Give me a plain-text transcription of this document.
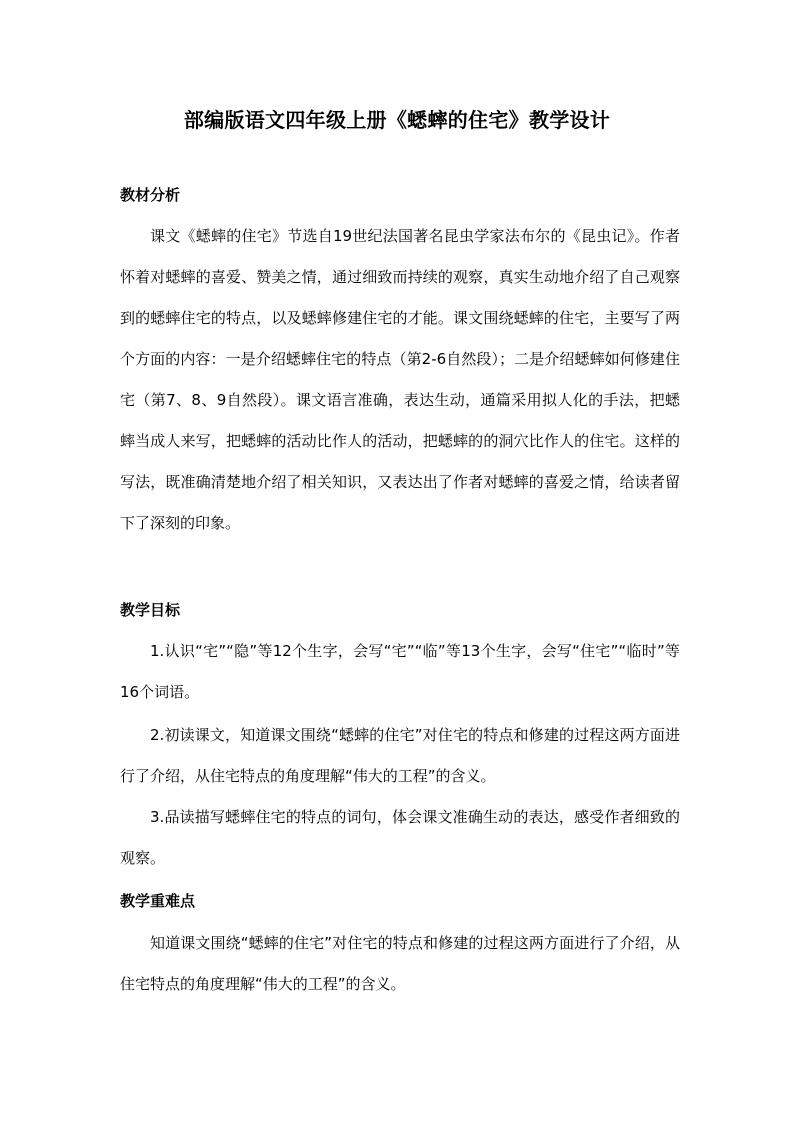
部编版语文四年级上册《蟋蟀的住宅》教学设计
教材分析

课文《蟋蟀的住宅》节选自19世纪法国著名昆虫学家法布尔的《昆虫记》。作者怀着对蟋蟀的喜爱、赞美之情，通过细致而持续的观察，真实生动地介绍了自己观察到的蟋蟀住宅的特点，以及蟋蟀修建住宅的才能。课文围绕蟋蟀的住宅，主要写了两个方面的内容：一是介绍蟋蟀住宅的特点（第2-6自然段）；二是介绍蟋蟀如何修建住宅（第7、8、9自然段）。课文语言准确，表达生动，通篇采用拟人化的手法，把蟋蟀当成人来写，把蟋蟀的活动比作人的活动，把蟋蟀的的洞穴比作人的住宅。这样的写法，既准确清楚地介绍了相关知识，又表达出了作者对蟋蟀的喜爱之情，给读者留下了深刻的印象。

教学目标

1.认识“宅”“隐”等12个生字，会写“宅”“临”等13个生字，会写“住宅”“临时”等16个词语。

2.初读课文，知道课文围绕“蟋蟀的住宅”对住宅的特点和修建的过程这两方面进行了介绍，从住宅特点的角度理解“伟大的工程”的含义。

3.品读描写蟋蟀住宅的特点的词句，体会课文准确生动的表达，感受作者细致的观察。

教学重难点

知道课文围绕“蟋蟀的住宅”对住宅的特点和修建的过程这两方面进行了介绍，从住宅特点的角度理解“伟大的工程”的含义。
